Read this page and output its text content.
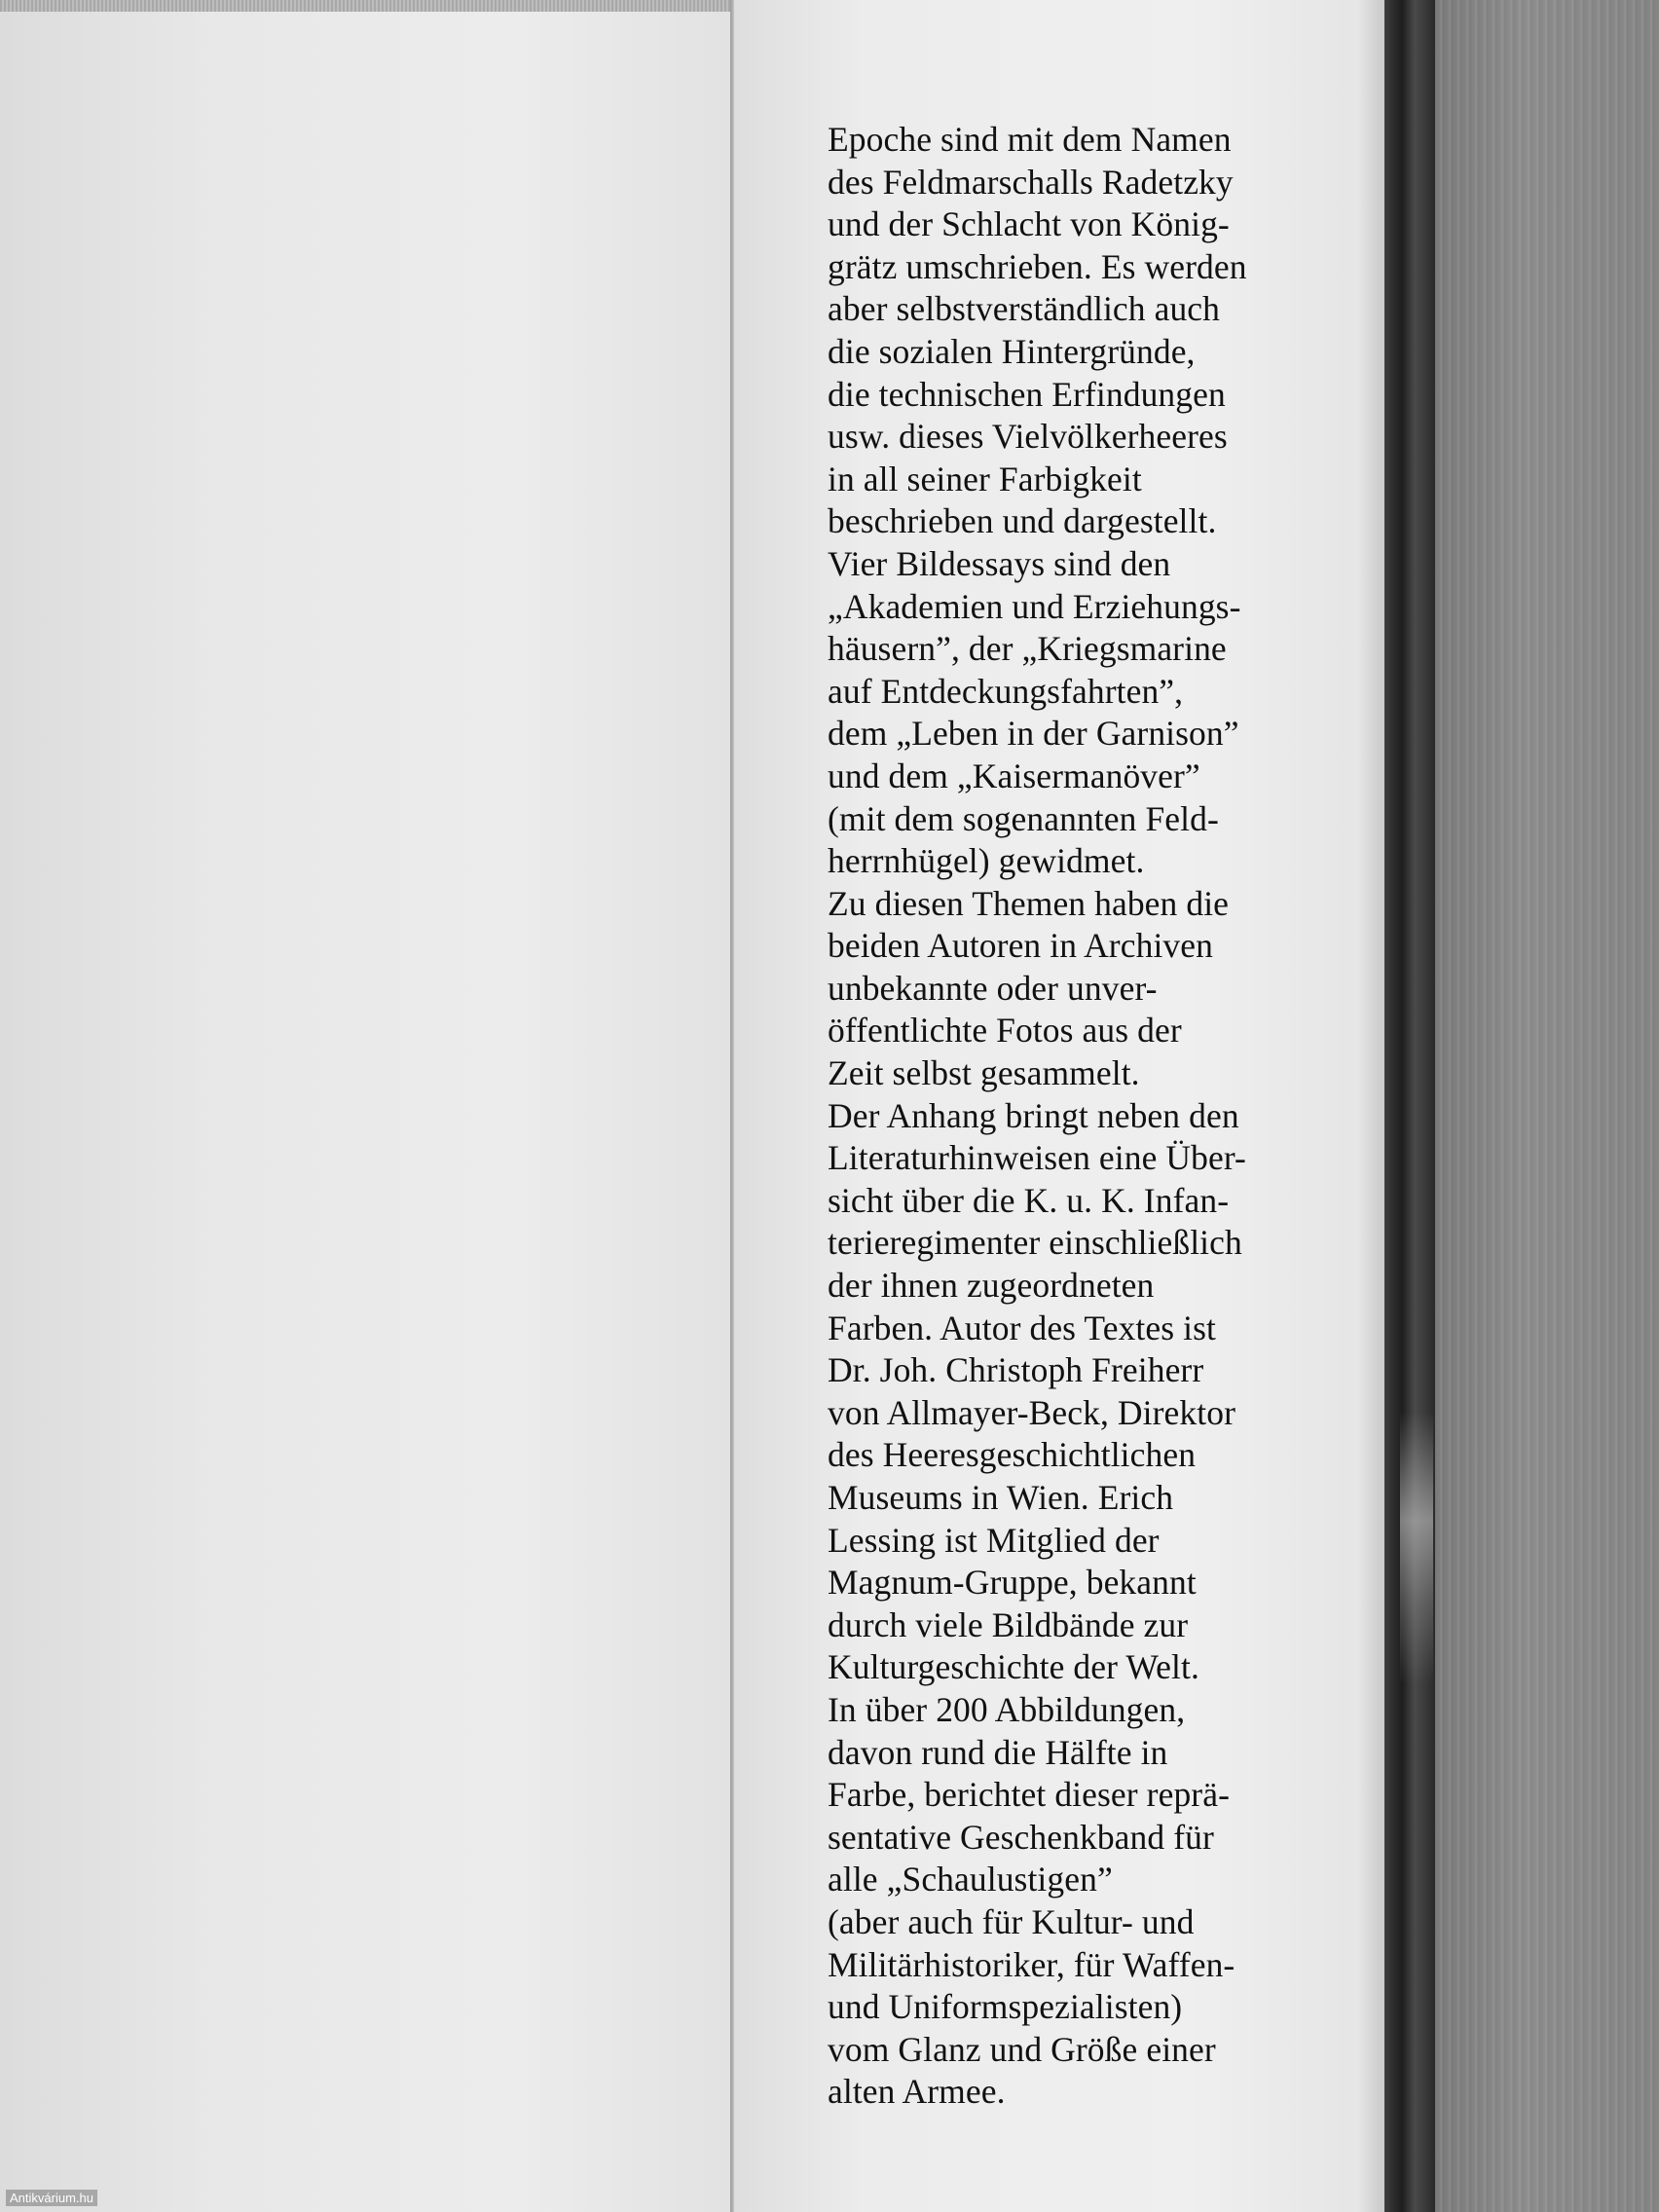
Epoche sind mit dem Namen
des Feldmarschalls Radetzky
und der Schlacht von König-
grätz umschrieben. Es werden
aber selbstverständlich auch
die sozialen Hintergründe,
die technischen Erfindungen
usw. dieses Vielvölkerheeres
in all seiner Farbigkeit
beschrieben und dargestellt.
Vier Bildessays sind den
„Akademien und Erziehungs-
häusern”, der „Kriegsmarine
auf Entdeckungsfahrten”,
dem „Leben in der Garnison”
und dem „Kaisermanöver”
(mit dem sogenannten Feld-
herrnhügel) gewidmet.
Zu diesen Themen haben die
beiden Autoren in Archiven
unbekannte oder unver-
öffentlichte Fotos aus der
Zeit selbst gesammelt.
Der Anhang bringt neben den
Literaturhinweisen eine Über-
sicht über die K. u. K. Infan-
terieregimenter einschließlich
der ihnen zugeordneten
Farben. Autor des Textes ist
Dr. Joh. Christoph Freiherr
von Allmayer-Beck, Direktor
des Heeresgeschichtlichen
Museums in Wien. Erich
Lessing ist Mitglied der
Magnum-Gruppe, bekannt
durch viele Bildbände zur
Kulturgeschichte der Welt.
In über 200 Abbildungen,
davon rund die Hälfte in
Farbe, berichtet dieser reprä-
sentative Geschenkband für
alle „Schaulustigen”
(aber auch für Kultur- und
Militärhistoriker, für Waffen-
und Uniformspezialisten)
vom Glanz und Größe einer
alten Armee.
Antikvárium.hu
